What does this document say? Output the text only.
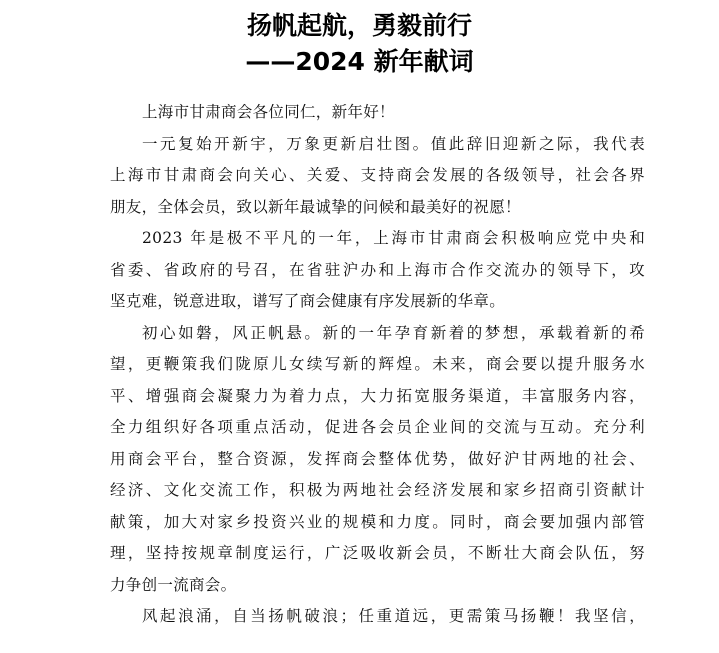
扬帆起航，勇毅前行
——2024 新年献词
上海市甘肃商会各位同仁，新年好！
一元复始开新宇，万象更新启壮图。值此辞旧迎新之际，我代表
上海市甘肃商会向关心、关爱、支持商会发展的各级领导，社会各界
朋友，全体会员，致以新年最诚挚的问候和最美好的祝愿！
2023 年是极不平凡的一年，上海市甘肃商会积极响应党中央和
省委、省政府的号召，在省驻沪办和上海市合作交流办的领导下，攻
坚克难，锐意进取，谱写了商会健康有序发展新的华章。
初心如磐，风正帆悬。新的一年孕育新着的梦想，承载着新的希
望，更鞭策我们陇原儿女续写新的辉煌。未来，商会要以提升服务水
平、增强商会凝聚力为着力点，大力拓宽服务渠道，丰富服务内容，
全力组织好各项重点活动，促进各会员企业间的交流与互动。充分利
用商会平台，整合资源，发挥商会整体优势，做好沪甘两地的社会、
经济、文化交流工作，积极为两地社会经济发展和家乡招商引资献计
献策，加大对家乡投资兴业的规模和力度。同时，商会要加强内部管
理，坚持按规章制度运行，广泛吸收新会员，不断壮大商会队伍，努
力争创一流商会。
风起浪涌，自当扬帆破浪；任重道远，更需策马扬鞭！我坚信，
